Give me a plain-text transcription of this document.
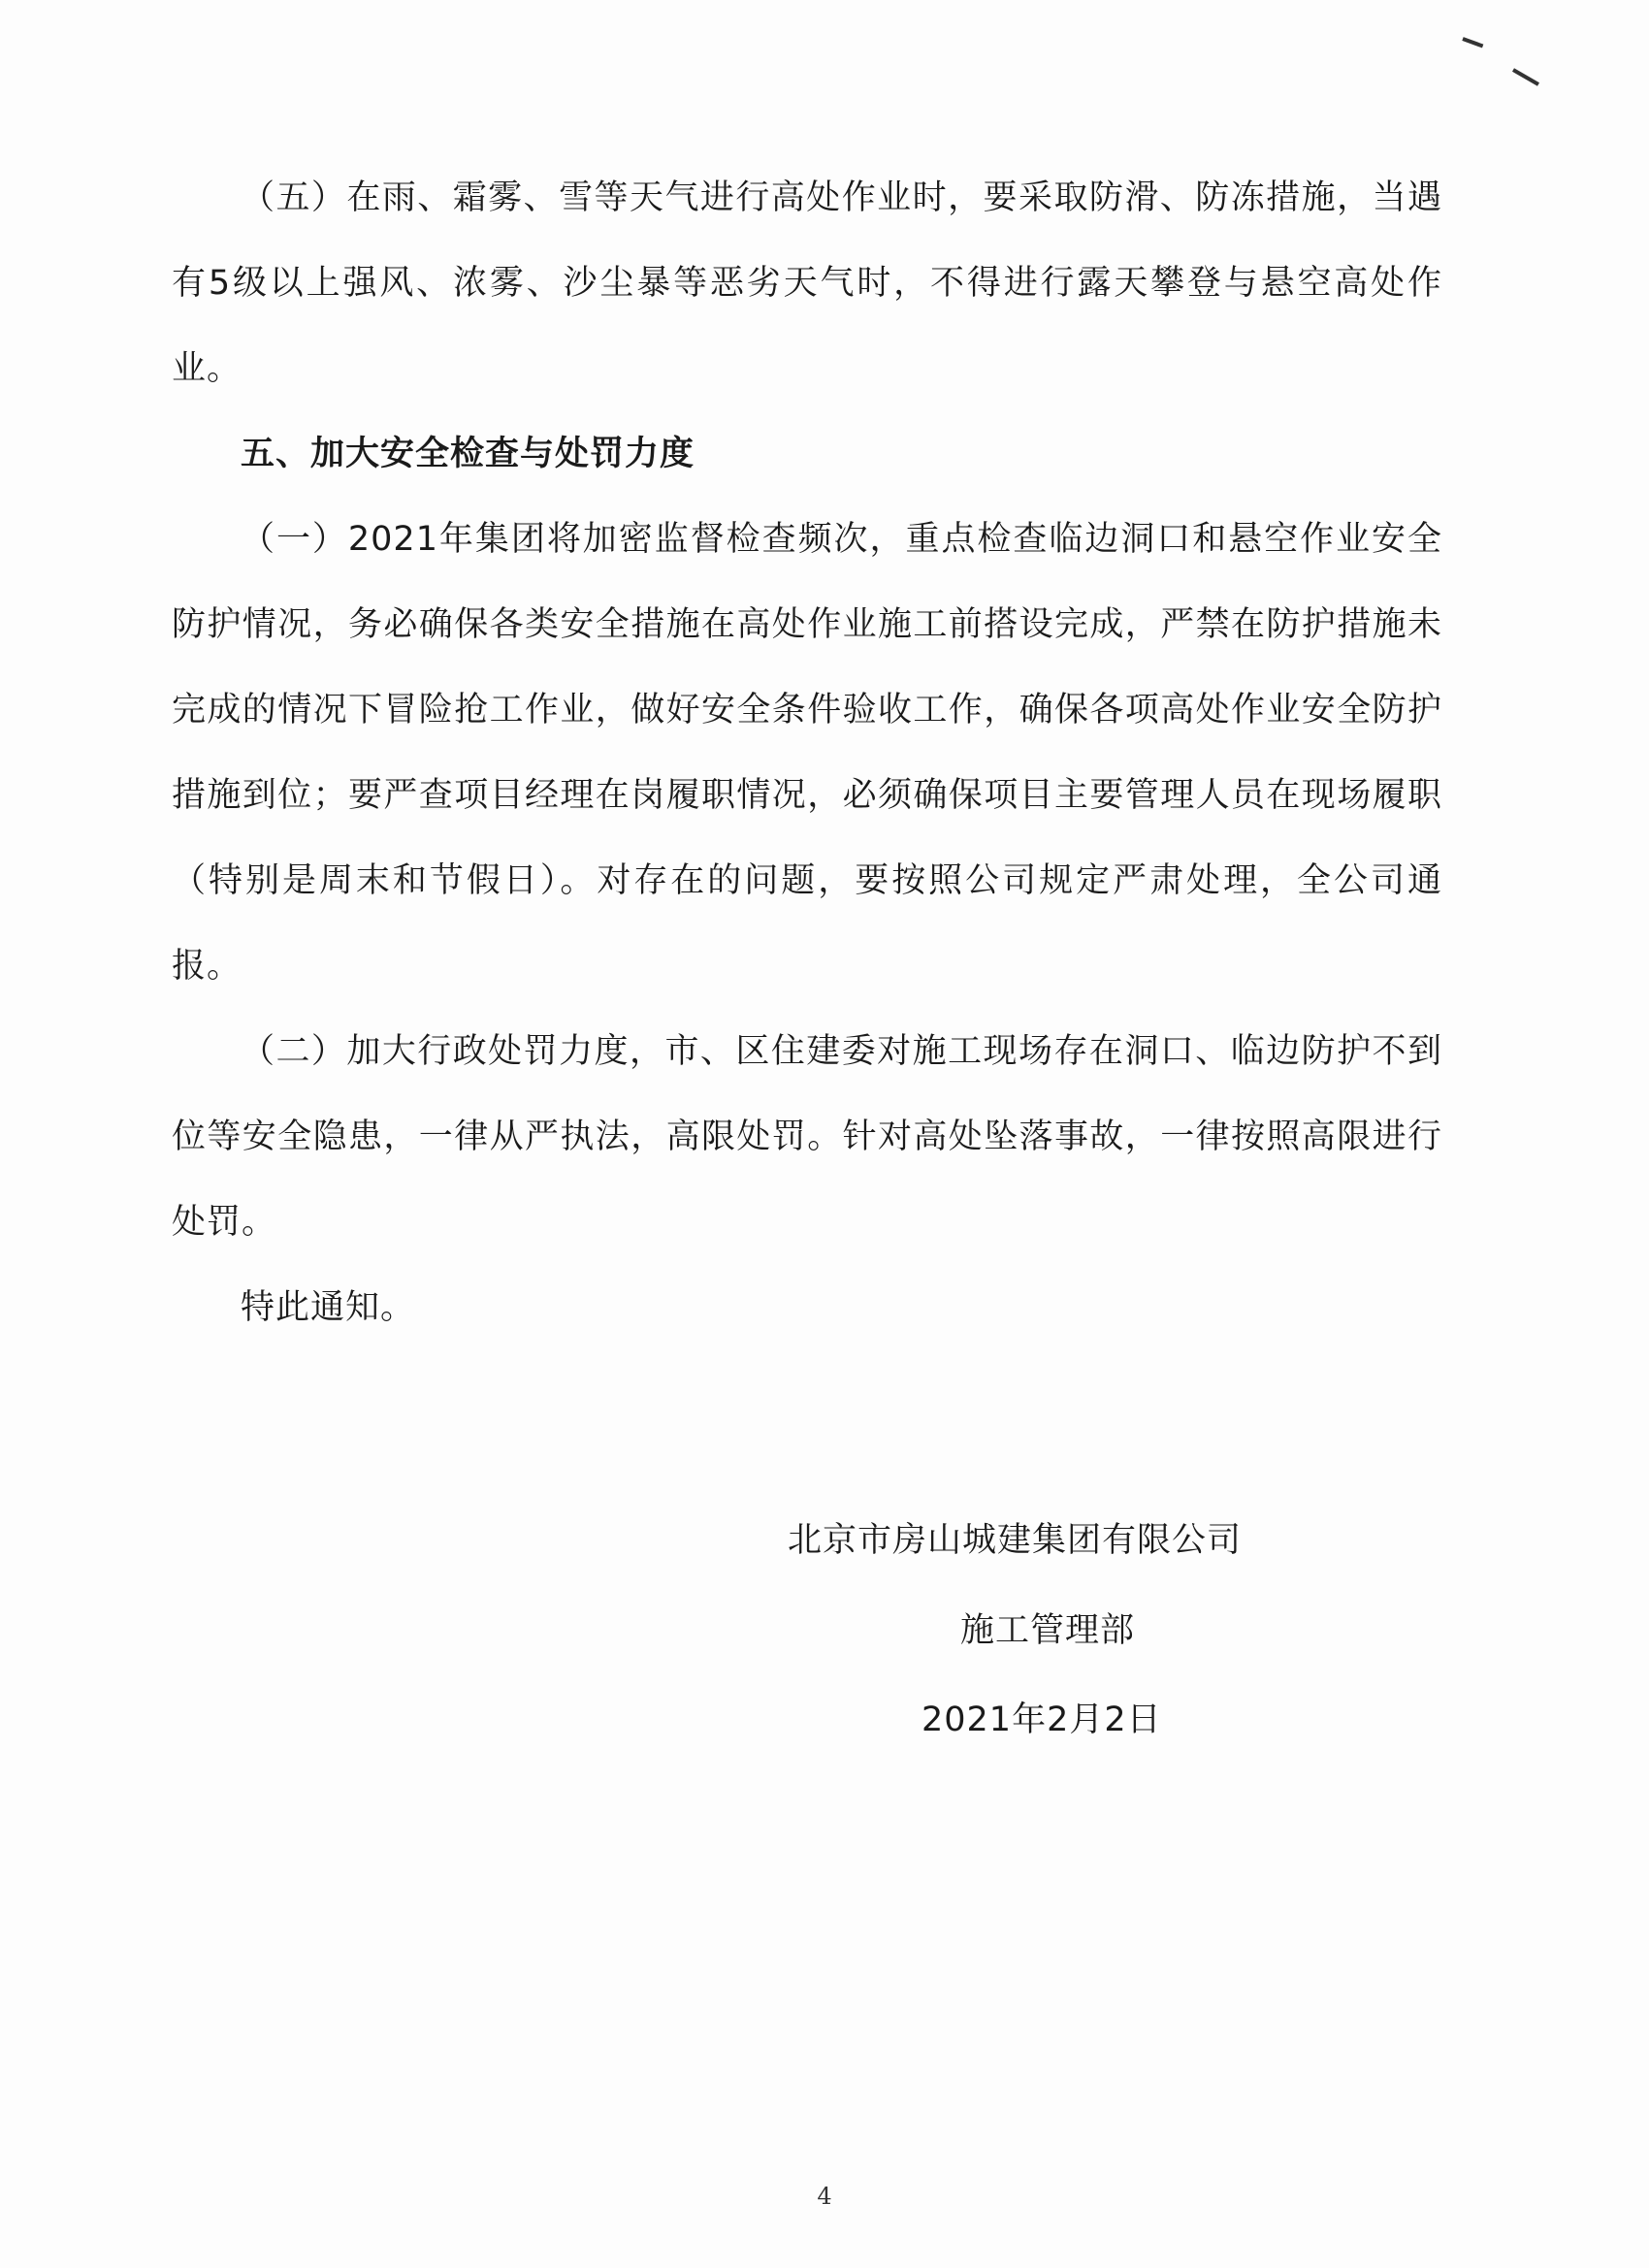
（五）在雨、霜雾、雪等天气进行高处作业时，要采取防滑、防冻措施，当遇有5级以上强风、浓雾、沙尘暴等恶劣天气时，不得进行露天攀登与悬空高处作业。

五、加大安全检查与处罚力度

（一）2021年集团将加密监督检查频次，重点检查临边洞口和悬空作业安全防护情况，务必确保各类安全措施在高处作业施工前搭设完成，严禁在防护措施未完成的情况下冒险抢工作业，做好安全条件验收工作，确保各项高处作业安全防护措施到位；要严查项目经理在岗履职情况，必须确保项目主要管理人员在现场履职（特别是周末和节假日）。对存在的问题，要按照公司规定严肃处理，全公司通报。

（二）加大行政处罚力度，市、区住建委对施工现场存在洞口、临边防护不到位等安全隐患，一律从严执法，高限处罚。针对高处坠落事故，一律按照高限进行处罚。

特此通知。

北京市房山城建集团有限公司
施工管理部
2021年2月2日
4
